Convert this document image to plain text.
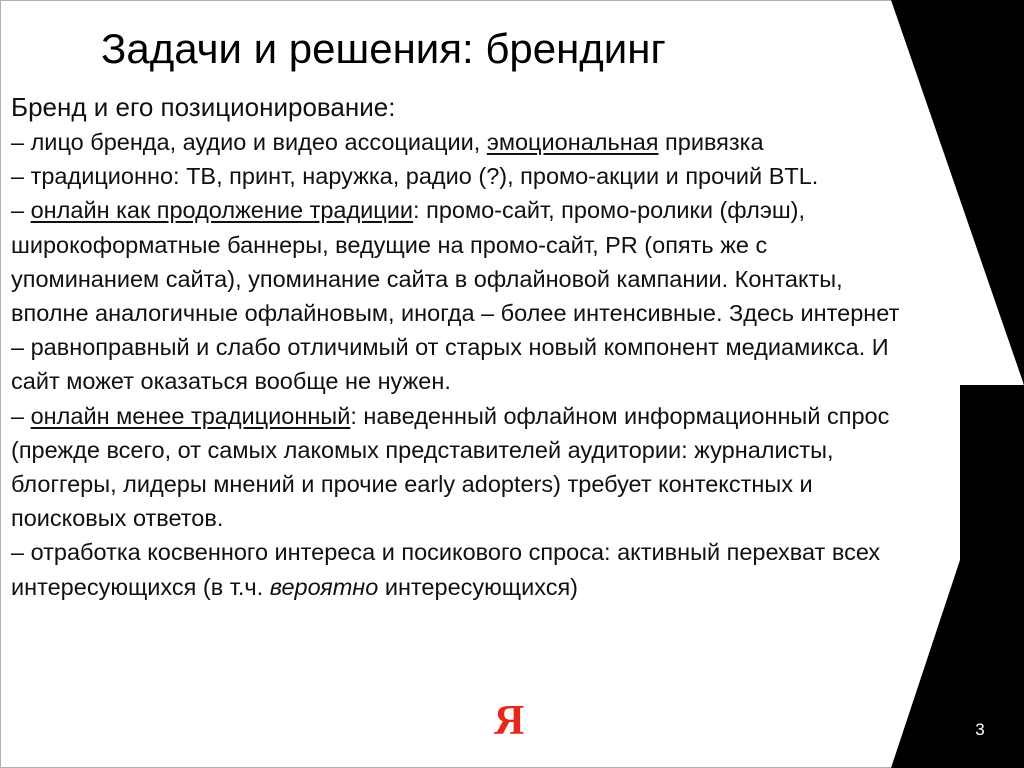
Задачи и решения: брендинг

Бренд и его позиционирование:

– лицо бренда, аудио и видео ассоциации, эмоциональная привязка

– традиционно: ТВ, принт, наружка, радио (?), промо-акции и прочий BTL.

– онлайн как продолжение традиции: промо-сайт, промо-ролики (флэш), широкоформатные баннеры, ведущие на промо-сайт, PR (опять же с упоминанием сайта), упоминание сайта в офлайновой кампании. Контакты, вполне аналогичные офлайновым, иногда – более интенсивные. Здесь интернет – равноправный и слабо отличимый от старых новый компонент медиамикса. И сайт может оказаться вообще не нужен.

– онлайн менее традиционный: наведенный офлайном информационный спрос (прежде всего, от самых лакомых представителей аудитории: журналисты, блоггеры, лидеры мнений и прочие early adopters) требует контекстных и поисковых ответов.

– отработка косвенного интереса и посикового спроса: активный перехват всех интересующихся (в т.ч. вероятно интересующихся)

Я	3
